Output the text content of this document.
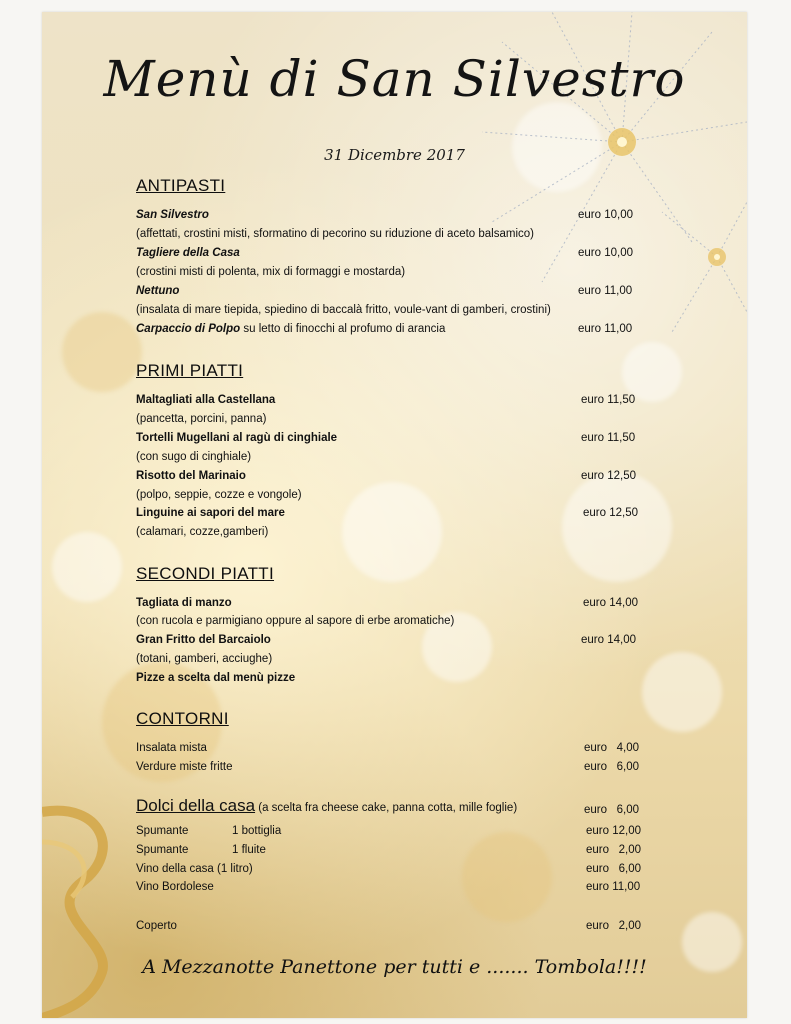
Menù di San Silvestro
31 Dicembre 2017
ANTIPASTI
San Silvestro	euro 10,00
(affettati, crostini misti, sformatino di pecorino su riduzione di aceto balsamico)
Tagliere della Casa	euro 10,00
(crostini misti di polenta, mix di formaggi e mostarda)
Nettuno	euro 11,00
(insalata di mare tiepida, spiedino di baccalà fritto, voule-vant di gamberi, crostini)
Carpaccio di Polpo su letto di finocchi al profumo di arancia	euro 11,00
PRIMI PIATTI
Maltagliati alla Castellana	euro 11,50
(pancetta, porcini, panna)
Tortelli Mugellani al ragù di cinghiale	euro 11,50
(con sugo di cinghiale)
Risotto del Marinaio	euro 12,50
(polpo, seppie, cozze e vongole)
Linguine ai sapori del mare	euro 12,50
(calamari, cozze,gamberi)
SECONDI PIATTI
Tagliata di manzo	euro 14,00
(con rucola e parmigiano oppure al sapore di erbe aromatiche)
Gran Fritto del Barcaiolo	euro 14,00
(totani, gamberi, acciughe)
Pizze a scelta dal menù pizze
CONTORNI
Insalata mista	euro   4,00
Verdure miste fritte	euro   6,00
Dolci della casa (a scelta fra cheese cake, panna cotta, mille foglie)	euro   6,00
Spumante	1 bottiglia	euro 12,00
Spumante	1 fluite	euro   2,00
Vino della casa (1 litro)	euro   6,00
Vino Bordolese	euro 11,00
Coperto	euro   2,00
A Mezzanotte Panettone per tutti e ....... Tombola!!!!
